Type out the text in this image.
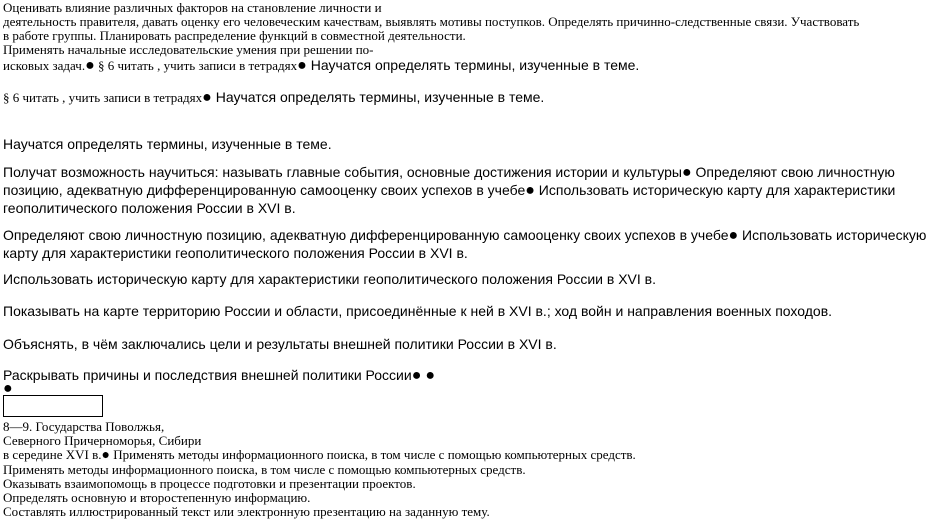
Оценивать влияние различных факторов на становление личности и

деятельность правителя, давать оценку его человеческим качествам, выявлять мотивы поступков. Определять причинно-следственные связи. Участвовать

в работе группы. Планировать распределение функций в совместной деятельности.

Применять начальные исследовательские умения при решении по-

исковых задач.● § 6 читать , учить записи в тетрадях● Научатся определять термины, изученные в теме.

§ 6 читать , учить записи в тетрадях● Научатся определять термины, изученные в теме.

Научатся определять термины, изученные в теме.

Получат возможность научиться: называть главные события, основные достижения истории и культуры● Определяют свою личностную

позицию, адекватную дифференцированную самооценку своих успехов в учебе● Использовать историческую карту для характеристики

геополитического положения России в XVI в.

Определяют свою личностную позицию, адекватную дифференцированную самооценку своих успехов в учебе● Использовать историческую

карту для характеристики геополитического положения России в XVI в.

Использовать историческую карту для характеристики геополитического положения России в XVI в.

Показывать на карте территорию России и области, присоединённые к ней в XVI в.; ход войн и направления военных походов.

Объяснять, в чём заключались цели и результаты внешней политики России в XVI в.

Раскрывать причины и последствия внешней политики России● ●

●

8—9. Государства Поволжья,

Северного Причерноморья, Сибири

в середине XVI в.● Применять методы информационного поиска, в том числе с помощью компьютерных средств.

Применять методы информационного поиска, в том числе с помощью компьютерных средств.

Оказывать взаимопомощь в процессе подготовки и презентации проектов.

Определять основную и второстепенную информацию.

Составлять иллюстрированный текст или электронную презентацию на заданную тему.
